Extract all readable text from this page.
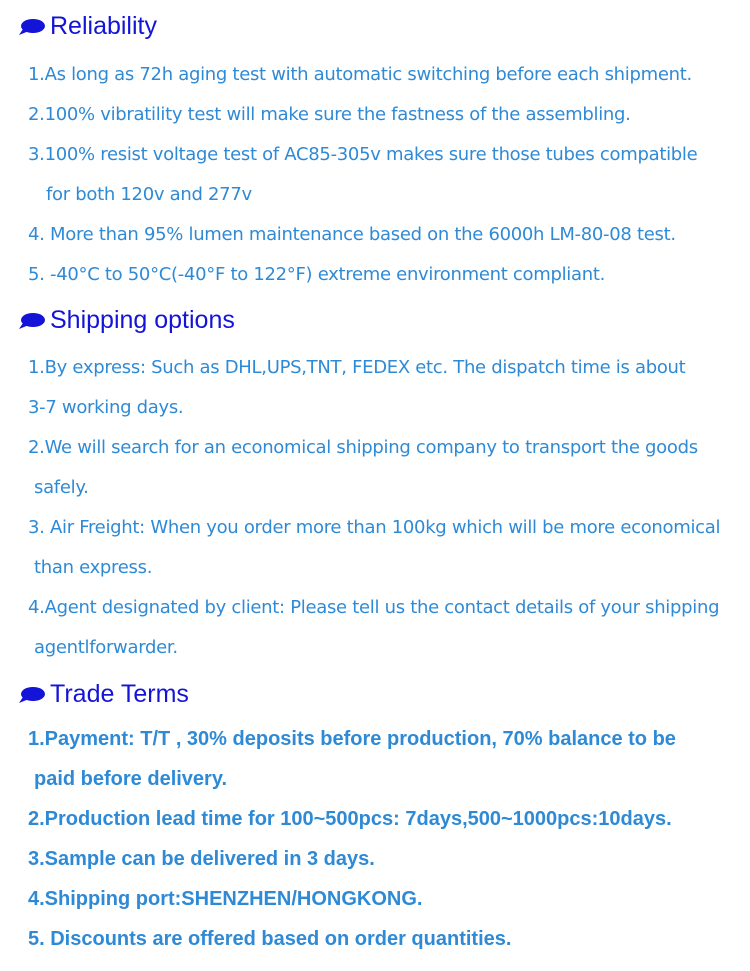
Reliability
1.As long as 72h aging test with automatic switching before each shipment.
2.100% vibratility test will make sure the fastness of the assembling.
3.100% resist voltage test of AC85-305v makes sure those tubes compatible
for both 120v and 277v
4. More than 95% lumen maintenance based on the 6000h LM-80-08 test.
5. -40°C to 50°C(-40°F to 122°F) extreme environment compliant.
Shipping options
1.By express: Such as DHL,UPS,TNT, FEDEX etc. The dispatch time is about
3-7 working days.
2.We will search for an economical shipping company to transport the goods
safely.
3. Air Freight: When you order more than 100kg which will be more economical
than express.
4.Agent designated by client: Please tell us the contact details of your shipping
agentlforwarder.
Trade Terms
1.Payment: T/T , 30% deposits before production, 70% balance to be
paid before delivery.
2.Production lead time for 100~500pcs: 7days,500~1000pcs:10days.
3.Sample can be delivered in 3 days.
4.Shipping port:SHENZHEN/HONGKONG.
5. Discounts are offered based on order quantities.
